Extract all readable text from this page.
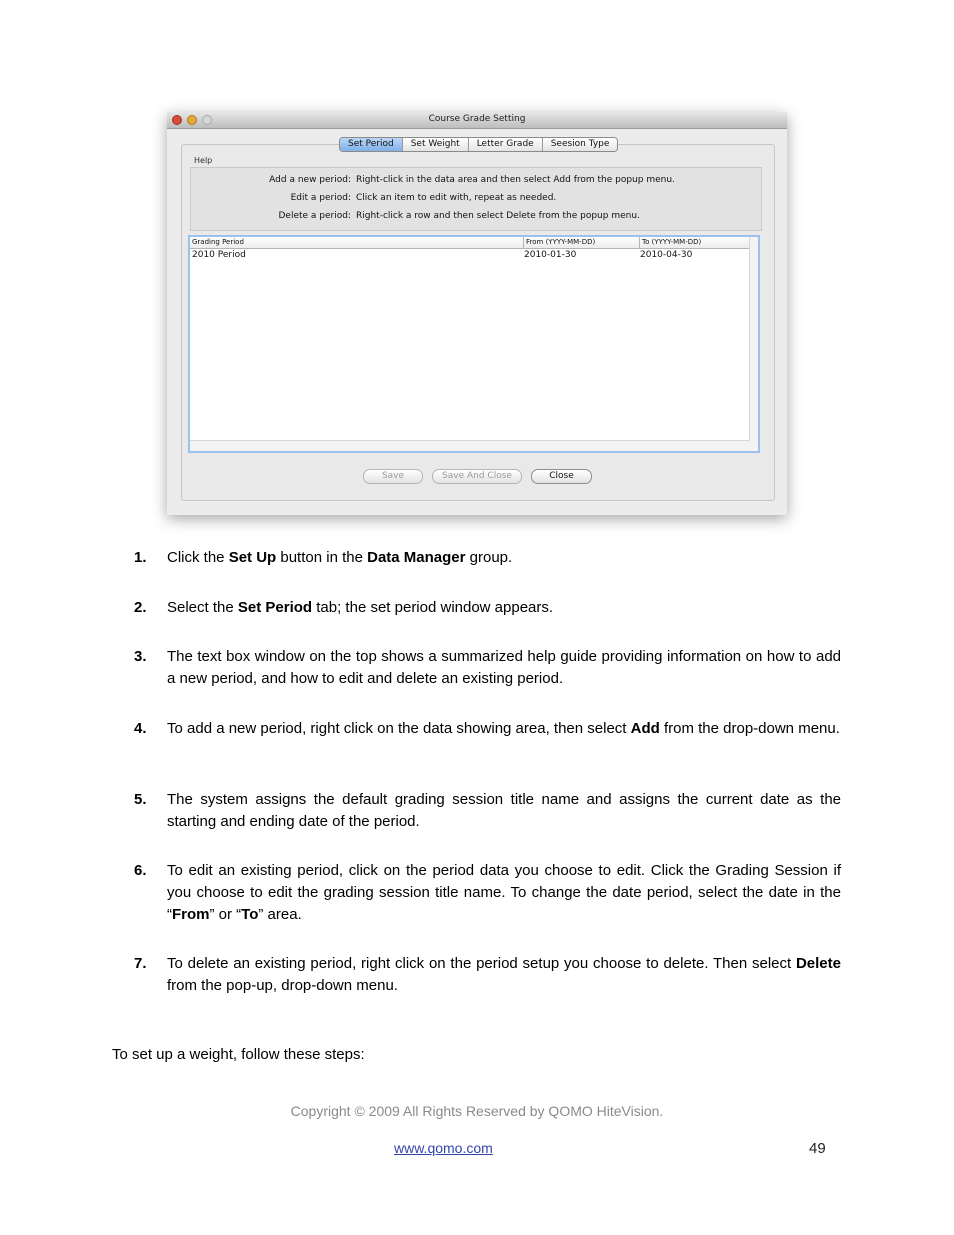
Course Grade Setting
Set Period	Set Weight	Letter Grade	Seesion Type
Help
Add a new period: Right-click in the data area and then select Add from the popup menu.
Edit a period: Click an item to edit with, repeat as needed.
Delete a period: Right-click a row and then select Delete from the popup menu.
Grading Period	From (YYYY-MM-DD)	To (YYYY-MM-DD)
2010 Period	2010-01-30	2010-04-30
Save	Save And Close	Close
1. Click the Set Up button in the Data Manager group.
2. Select the Set Period tab; the set period window appears.
3. The text box window on the top shows a summarized help guide providing information on how to add a new period, and how to edit and delete an existing period.
4. To add a new period, right click on the data showing area, then select Add from the drop-down menu.
5. The system assigns the default grading session title name and assigns the current date as the starting and ending date of the period.
6. To edit an existing period, click on the period data you choose to edit. Click the Grading Session if you choose to edit the grading session title name. To change the date period, select the date in the “From” or “To” area.
7. To delete an existing period, right click on the period setup you choose to delete. Then select Delete from the pop-up, drop-down menu.
To set up a weight, follow these steps:
Copyright © 2009 All Rights Reserved by QOMO HiteVision.
www.qomo.com	49
